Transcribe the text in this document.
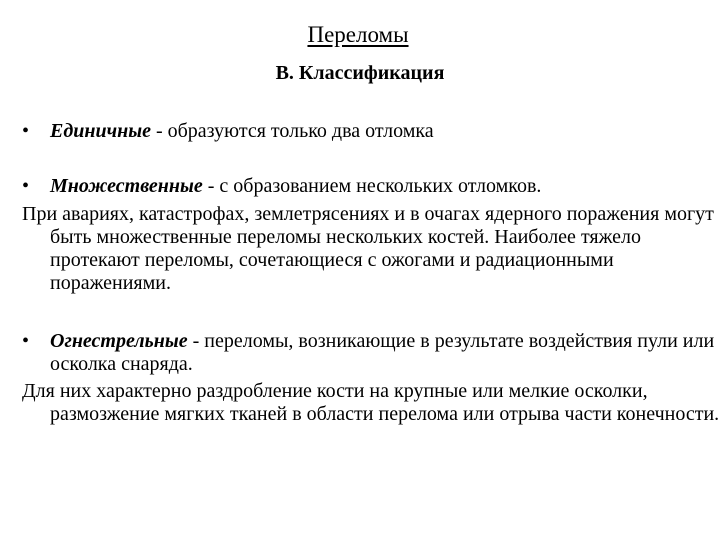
Переломы
В. Классификация
• Единичные - образуются только два отломка
• Множественные - с образованием нескольких отломков.
При авариях, катастрофах, землетрясениях и в очагах ядерного поражения могут быть множественные переломы нескольких костей. Наиболее тяжело протекают переломы, сочетающиеся с ожогами и радиационными поражениями.
• Огнестрельные - переломы, возникающие в результате воздействия пули или осколка снаряда.
Для них характерно раздробление кости на крупные или мелкие осколки, размозжение мягких тканей в области перелома или отрыва части конечности.
